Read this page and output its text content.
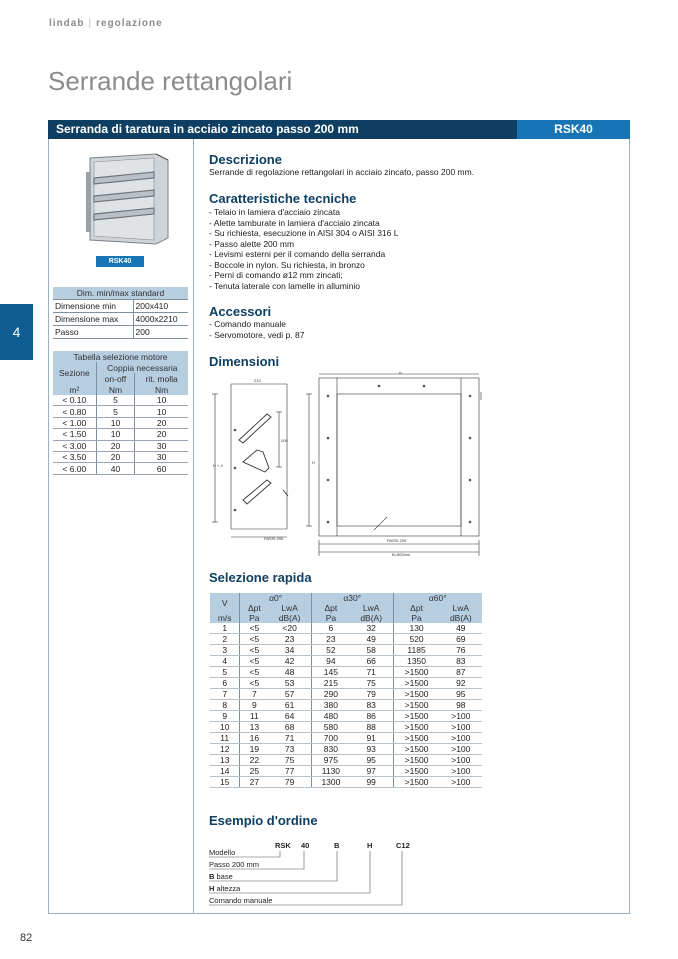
lindab | regolazione
Serrande rettangolari
4
82
Serranda di taratura in acciaio zincato passo 200 mm	RSK40
RSK40
Dim. min/max standard	
Dimensione min	200x410
Dimensione max	4000x2210
Passo	200
Tabella selezione motore		
Sezione	Coppia necessaria	
	on-off	rit. molla
m²	Nm	Nm
< 0.10	5	10
< 0.80	5	10
< 1.00	10	20
< 1.50	10	20
< 3.00	20	30
< 3.50	20	30
< 6.00	40	60
Descrizione
Serrande di regolazione rettangolari in acciaio zincato, passo 200 mm.
Caratteristiche tecniche
- Telaio in lamiera d'acciaio zincata
- Alette tamburate in lamiera d'acciaio zincata
- Su richiesta, esecuzione in AISI 304 o AISI 316 L
- Passo alette 200 mm
- Levismi esterni per il comando della serranda
- Boccole in nylon. Su richiesta, in bronzo
- Perni di comando ø12 mm zincati;
- Tenuta laterale con lamelle in alluminio
Accessori
- Comando manuale
- Servomotore, vedi p. 87
Dimensioni
B
210
200
PASSI 200
H + 4
H
PASSI 200
B=800mm
Selezione rapida
V	α0°		α30°		α60°	
	Δpt	LwA	Δpt	LwA	Δpt	LwA
m/s	Pa	dB(A)	Pa	dB(A)	Pa	dB(A)
1	<5	<20	6	32	130	49
2	<5	23	23	49	520	69
3	<5	34	52	58	1185	76
4	<5	42	94	66	1350	83
5	<5	48	145	71	>1500	87
6	<5	53	215	75	>1500	92
7	7	57	290	79	>1500	95
8	9	61	380	83	>1500	98
9	11	64	480	86	>1500	>100
10	13	68	580	88	>1500	>100
11	16	71	700	91	>1500	>100
12	19	73	830	93	>1500	>100
13	22	75	975	95	>1500	>100
14	25	77	1130	97	>1500	>100
15	27	79	1300	99	>1500	>100
Esempio d'ordine
RSK 40	B	H	C12
Modello
Passo 200 mm
B base
H altezza
Comando manuale
